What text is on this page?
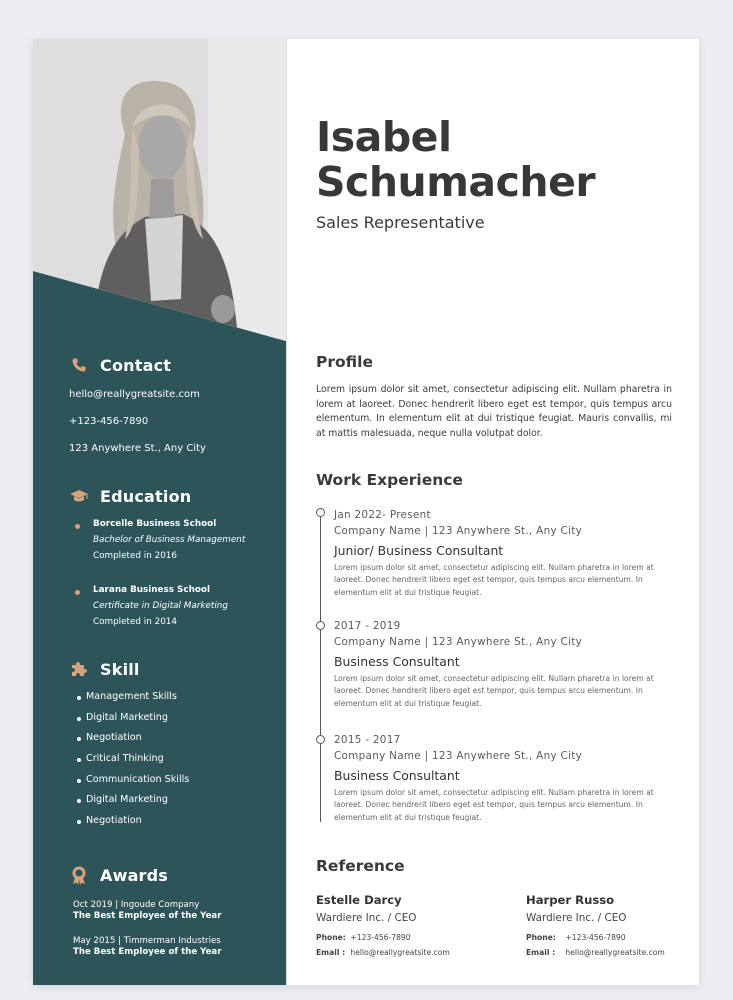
Contact
hello@reallygreatsite.com
+123-456-7890
123 Anywhere St., Any City
Education
Borcelle Business School
Bachelor of Business Management
Completed in 2016
Larana Business School
Certificate in Digital Marketing
Completed in 2014
Skill
Management Skills
Digital Marketing
Negotiation
Critical Thinking
Communication Skills
Digital Marketing
Negotiation
Awards
Oct 2019 | Ingoude Company
The Best Employee of the Year
May 2015 | Timmerman Industries
The Best Employee of the Year
Isabel
Schumacher
Sales Representative
Profile
Lorem ipsum dolor sit amet, consectetur adipiscing elit. Nullam pharetra in lorem at laoreet. Donec hendrerit libero eget est tempor, quis tempus arcu elementum. In elementum elit at dui tristique feugiat. Mauris convallis, mi at mattis malesuada, neque nulla volutpat dolor.
Work Experience
Jan 2022- Present
Company Name | 123 Anywhere St., Any City
Junior/ Business Consultant
Lorem ipsum dolor sit amet, consectetur adipiscing elit. Nullam pharetra in lorem at laoreet. Donec hendrerit libero eget est tempor, quis tempus arcu elementum. In elementum elit at dui tristique feugiat.
2017 - 2019
Company Name | 123 Anywhere St., Any City
Business Consultant
Lorem ipsum dolor sit amet, consectetur adipiscing elit. Nullam pharetra in lorem at laoreet. Donec hendrerit libero eget est tempor, quis tempus arcu elementum. In elementum elit at dui tristique feugiat.
2015 - 2017
Company Name | 123 Anywhere St., Any City
Business Consultant
Lorem ipsum dolor sit amet, consectetur adipiscing elit. Nullam pharetra in lorem at laoreet. Donec hendrerit libero eget est tempor, quis tempus arcu elementum. In elementum elit at dui tristique feugiat.
Reference
Estelle Darcy
Wardiere Inc. / CEO
Phone: +123-456-7890
Email : hello@reallygreatsite.com
Harper Russo
Wardiere Inc. / CEO
Phone: +123-456-7890
Email : hello@reallygreatsite.com
